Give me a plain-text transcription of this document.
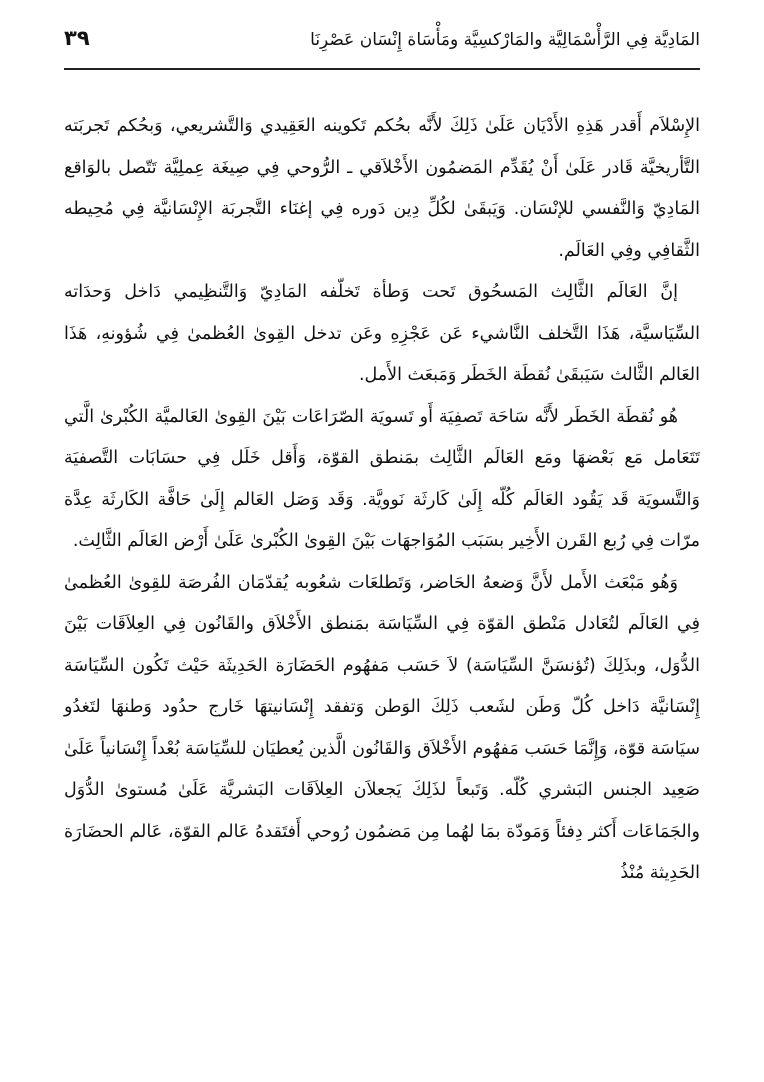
المَادِيَّة فِي الرَّأْسْمَالِيَّة والمَارْكسِيَّة ومَأْسَاة إِنْسَان عَصْرِنَا
٣٩

الإِسْلاَم أَقدر هَذِهِ الأَدْيَان عَلَىٰ ذَلِكَ لأَنَّه بحُكم تَكوينه العَقِيدي وَالتَّشريعي، وَبحُكم تَجربَته التَّأريخيَّة قَادر عَلَىٰ أَنْ يُقَدِّم المَضمُون الأَخْلاَقي ـ الرُّوحي فِي صِيغَة عِملِيَّة تَتّصل بالوَاقع المَادِيّ وَالنَّفسي للإنْسَان. وَيَبقَىٰ لكُلِّ دِين دَوره فِي إغنَاء التَّجربَة الإِنْسَانيَّة فِي مُحِيطه الثَّقافِي وفِي العَالَم.

إنَّ العَالَم الثَّالِث المَسحُوق تَحت وَطأة تَخلّفه المَادِيّ وَالتَّنظِيمي دَاخل وَحدَاته السِّيَاسيَّة، هَذَا التَّخلف النَّاشيء عَن عَجْزِهِ وعَن تدخل القِوىٰ العُظمىٰ فِي شُؤونهِ، هَذَا العَالم الثَّالث سَيَبقَىٰ نُقطَة الخَطَر وَمَبعَث الأَمل.

هُو نُقطَة الخَطَر لأَنَّه سَاحَة تَصفِيَة أَو تَسويَة الصّرَاعَات بَيْنَ القِوىٰ العَالميَّة الكُبْرىٰ الَّتي تَتَعَامل مَع بَعْضهَا ومَع العَالَم الثَّالِث بمَنطق القوّة، وَأَقل خَلَل فِي حسَابَات التَّصفيَة وَالتَّسويَة قَد يَقُود العَالَم كُلّه إِلَىٰ كَارثَة نَوويَّة. وَقَد وَصَل العَالم إِلَىٰ حَافَّة الكَارثَة عِدَّة مرّات فِي رُبع القَرن الأَخِير بسَبَب المُوَاجهَات بَيْنَ القِوىٰ الكُبْرىٰ عَلَىٰ أَرْض العَالَم الثَّالِث.

وَهُو مَبْعَث الأَمل لأَنَّ وَضعهُ الحَاضر، وَتَطلعَات شعُوبه يُقدّمَان الفُرصَة للقِوىٰ العُظمىٰ فِي العَالَم لتُعَادل مَنْطق القوّة فِي السِّيَاسَة بمَنطق الأَخْلاَق والقَانُون فِي العِلاَقَات بَيْنَ الدُّوَل، وبذَلِكَ (تُؤنسَنَّ السِّيَاسَة) لاَ حَسَب مَفهُوم الحَضَارَة الحَدِيثَة حَيْث تَكُون السِّيَاسَة إِنْسَانيَّة دَاخل كُلّ وَطَن لشَعب ذَلِكَ الوَطن وَتفقد إِنْسَانيتهَا خَارج حدُود وَطنهَا لتَغدُو سيَاسَة قوّة، وَإِنَّمَا حَسَب مَفهُوم الأَخْلاَق وَالقَانُون الَّذين يُعطيَان للسِّيَاسَة بُعْداً إِنْسَانياً عَلَىٰ صَعِيد الجنس البَشري كُلّه. وَتَبعاً لذَلِكَ يَجعلاَن العِلاَقَات البَشريَّة عَلَىٰ مُستوىٰ الدُّوَل والجَمَاعَات أَكثر دِفئاً وَمَودّة بمَا لهُما مِن مَضمُون رُوحي أَفتَقدهُ عَالم القوّة، عَالم الحضَارَة الحَدِيثة مُنْذُ
